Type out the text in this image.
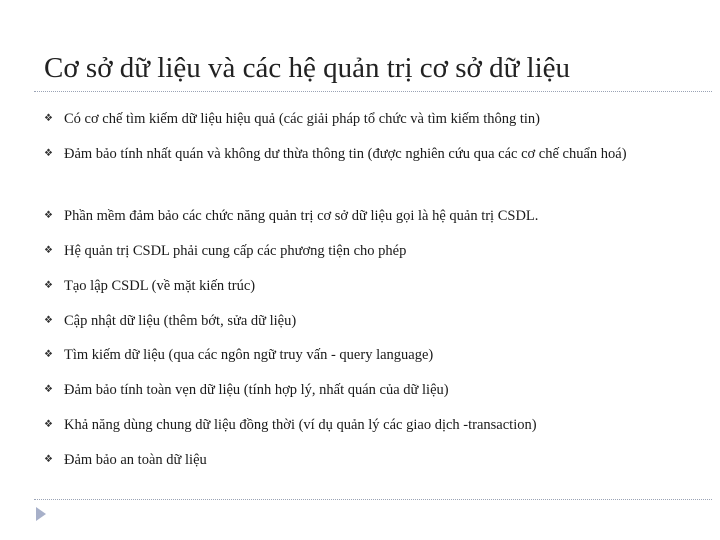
Cơ sở dữ liệu và các hệ quản trị cơ sở dữ liệu
❖ Có cơ chế tìm kiếm dữ liệu hiệu quả (các giải pháp tổ chức và tìm kiếm thông tin)
❖ Đảm bảo tính nhất quán và không dư thừa thông tin (được nghiên cứu qua các cơ chế chuẩn hoá)
❖ Phần mềm đảm bảo các chức năng quản trị cơ sở dữ liệu gọi là hệ quản trị CSDL.
❖ Hệ quản trị CSDL phải cung cấp các phương tiện cho phép
❖ Tạo lập CSDL (về mặt kiến trúc)
❖ Cập nhật dữ liệu (thêm bớt, sửa dữ liệu)
❖ Tìm kiếm dữ liệu (qua các ngôn ngữ truy vấn - query language)
❖ Đảm bảo tính toàn vẹn dữ liệu (tính hợp lý, nhất quán của dữ liệu)
❖ Khả năng dùng chung dữ liệu đồng thời (ví dụ quản lý các giao dịch -transaction)
❖ Đảm bảo an toàn dữ liệu
